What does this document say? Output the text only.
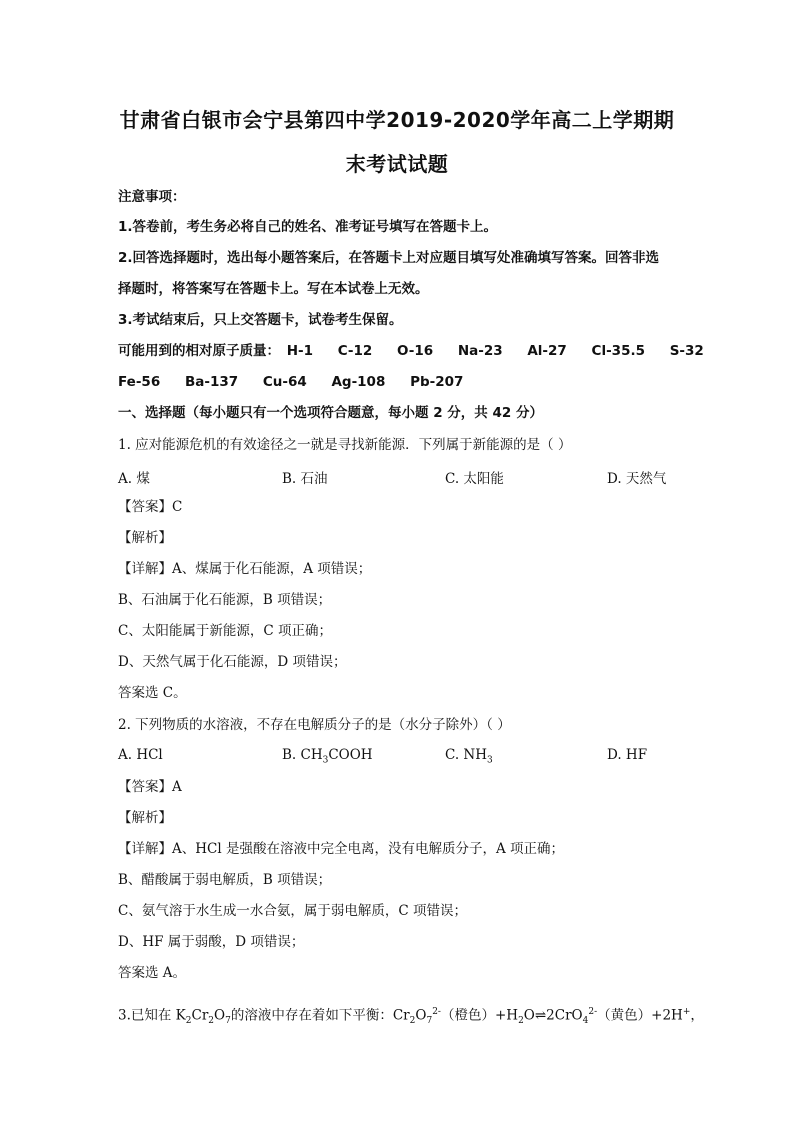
甘肃省白银市会宁县第四中学2019-2020学年高二上学期期
末考试试题
注意事项：
1.答卷前，考生务必将自己的姓名、准考证号填写在答题卡上。
2.回答选择题时，选出每小题答案后，在答题卡上对应题目填写处准确填写答案。回答非选
择题时，将答案写在答题卡上。写在本试卷上无效。
3.考试结束后，只上交答题卡，试卷考生保留。
可能用到的相对原子质量： H-1 C-12 O-16 Na-23 Al-27 Cl-35.5 S-32
Fe-56 Ba-137 Cu-64 Ag-108 Pb-207
一、选择题（每小题只有一个选项符合题意，每小题 2 分，共 42 分）
1. 应对能源危机的有效途径之一就是寻找新能源．下列属于新能源的是（ ）
A. 煤	B. 石油	C. 太阳能	D. 天然气
【答案】C
【解析】
【详解】A、煤属于化石能源，A 项错误；
B、石油属于化石能源，B 项错误；
C、太阳能属于新能源，C 项正确；
D、天然气属于化石能源，D 项错误；
答案选 C。
2. 下列物质的水溶液，不存在电解质分子的是（水分子除外）（ ）
A. HCl	B. $CH_3COOH$	C. $NH_3$	D. HF
【答案】A
【解析】
【详解】A、HCl 是强酸在溶液中完全电离，没有电解质分子，A 项正确；
B、醋酸属于弱电解质，B 项错误；
C、氨气溶于水生成一水合氨，属于弱电解质，C 项错误；
D、HF 属于弱酸，D 项错误；
答案选 A。
3.已知在 $K_2Cr_2O_7$的溶液中存在着如下平衡：$Cr_2O_7^{2-}$（橙色）$+H_2O\rightleftharpoons 2CrO_4^{2-}$（黄色）+2H+，
